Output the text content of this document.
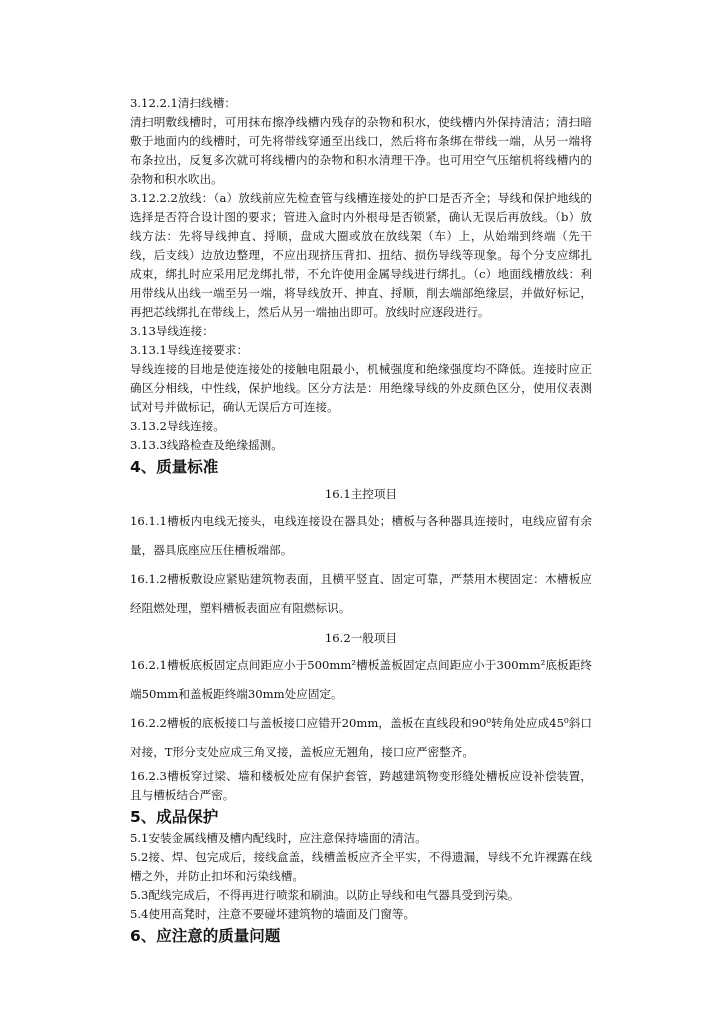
3.12.2.1清扫线槽：

清扫明敷线槽时，可用抹布擦净线槽内残存的杂物和积水，使线槽内外保持清洁；清扫暗敷于地面内的线槽时，可先将带线穿通至出线口，然后将布条绑在带线一端，从另一端将布条拉出，反复多次就可将线槽内的杂物和积水清理干净。也可用空气压缩机将线槽内的杂物和积水吹出。

3.12.2.2放线：（a）放线前应先检查管与线槽连接处的护口是否齐全；导线和保护地线的选择是否符合设计图的要求；管进入盒时内外根母是否锁紧，确认无误后再放线。（b）放线方法：先将导线抻直、捋顺，盘成大圈或放在放线架（车）上，从始端到终端（先干线，后支线）边放边整理，不应出现挤压背扣、扭结、损伤导线等现象。每个分支应绑扎成束，绑扎时应采用尼龙绑扎带，不允许使用金属导线进行绑扎。（c）地面线槽放线：利用带线从出线一端至另一端，将导线放开、抻直、捋顺，削去端部绝缘层，并做好标记，再把芯线绑扎在带线上，然后从另一端抽出即可。放线时应逐段进行。

3.13导线连接：

3.13.1导线连接要求：

导线连接的目地是使连接处的接触电阻最小，机械强度和绝缘强度均不降低。连接时应正确区分相线，中性线，保护地线。区分方法是：用绝缘导线的外皮颜色区分，使用仪表测试对号并做标记，确认无误后方可连接。

3.13.2导线连接。

3.13.3线路检查及绝缘摇测。

4、质量标准

16.1主控项目

16.1.1槽板内电线无接头，电线连接设在器具处；槽板与各种器具连接时，电线应留有余量，器具底座应压住槽板端部。

16.1.2槽板敷设应紧贴建筑物表面，且横平竖直、固定可靠，严禁用木楔固定：木槽板应经阻燃处理，塑料槽板表面应有阻燃标识。

16.2一般项目

16.2.1槽板底板固定点间距应小于500mm²槽板盖板固定点间距应小于300mm²底板距终端50mm和盖板距终端30mm处应固定。

16.2.2槽板的底板接口与盖板接口应错开20mm，盖板在直线段和90⁰转角处应成45⁰斜口对接，T形分支处应成三角叉接，盖板应无翘角，接口应严密整齐。

16.2.3槽板穿过梁、墙和楼板处应有保护套管，跨越建筑物变形缝处槽板应设补偿装置，且与槽板结合严密。

5、成品保护

5.1安装金属线槽及槽内配线时，应注意保持墙面的清洁。

5.2接、焊、包完成后，接线盒盖，线槽盖板应齐全平实，不得遗漏，导线不允许裸露在线槽之外，并防止扣坏和污染线槽。

5.3配线完成后，不得再进行喷浆和刷油。以防止导线和电气器具受到污染。

5.4使用高凳时，注意不要碰坏建筑物的墙面及门窗等。

6、应注意的质量问题
